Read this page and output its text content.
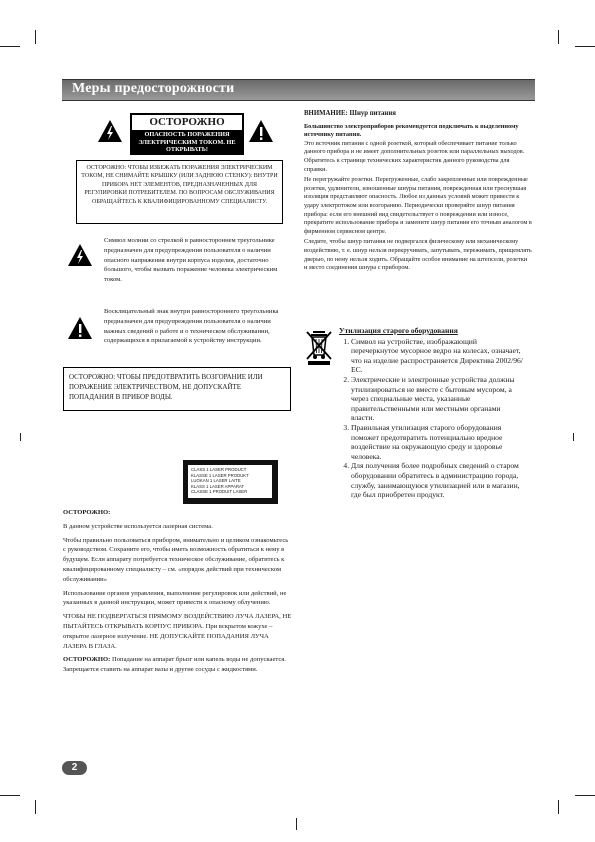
Меры предосторожности
ОСТОРОЖНО
ОПАСНОСТЬ ПОРАЖЕНИЯ ЭЛЕКТРИЧЕСКИМ ТОКОМ. НЕ ОТКРЫВАТЬ!

ОСТОРОЖНО: ЧТОБЫ ИЗБЕЖАТЬ ПОРАЖЕНИЯ ЭЛЕКТРИЧЕСКИМ ТОКОМ, НЕ СНИМАЙТЕ КРЫШКУ (ИЛИ ЗАДНЮЮ СТЕНКУ): ВНУТРИ ПРИБОРА НЕТ ЭЛЕМЕНТОВ, ПРЕДНАЗНАЧЕННЫХ ДЛЯ РЕГУЛИРОВКИ ПОТРЕБИТЕЛЕМ. ПО ВОПРОСАМ ОБСЛУЖИВАНИЯ ОБРАЩАЙТЕСЬ К КВАЛИФИЦИРОВАННОМУ СПЕЦИАЛИСТУ.

Символ молнии со стрелкой в равностороннем треугольнике предназначен для предупреждения пользователя о наличии опасного напряжения внутри корпуса изделия, достаточно большого, чтобы вызвать поражение человека электрическим током.

Восклицательный знак внутри равностороннего треугольника предназначен для предупреждения пользователя о наличии важных сведений о работе и о техническом обслуживании, содержащихся в прилагаемой к устройству инструкции.

ОСТОРОЖНО: ЧТОБЫ ПРЕДОТВРАТИТЬ ВОЗГОРАНИЕ ИЛИ ПОРАЖЕНИЕ ЭЛЕКТРИЧЕСТВОМ, НЕ ДОПУСКАЙТЕ ПОПАДАНИЯ В ПРИБОР ВОДЫ.

CLASS 1 LASER PRODUCT
KLASSE 1 LASER PRODUKT
LUOKAN 1 LASER LAITE
KLASS 1 LASER APPARAT
CLASSE 1 PRODUIT LASER

ОСТОРОЖНО:

В данном устройстве используется лазерная система.

Чтобы правильно пользоваться прибором, внимательно и целиком ознакомьтесь с руководством. Сохраните его, чтобы иметь возможность обратиться к нему в будущем. Если аппарату потребуется техническое обслуживание, обратитесь к квалифицированному специалисту – см. «порядок действий при техническом обслуживании»

Использование органов управления, выполнение регулировок или действий, не указанных в данной инструкции, может привести к опасному облучению.

ЧТОБЫ НЕ ПОДВЕРГАТЬСЯ ПРЯМОМУ ВОЗДЕЙСТВИЮ ЛУЧА ЛАЗЕРА, НЕ ПЫТАЙТЕСЬ ОТКРЫВАТЬ КОРПУС ПРИБОРА. При вскрытом кожухе – открытое лазерное излучение. НЕ ДОПУСКАЙТЕ ПОПАДАНИЯ ЛУЧА ЛАЗЕРА В ГЛАЗА.

ОСТОРОЖНО: Попадание на аппарат брызг или капель воды не допускается. Запрещается ставить на аппарат вазы и другие сосуды с жидкостями.

ВНИМАНИЕ: Шнур питания

Большинство электроприборов рекомендуется подключать к выделенному источнику питания.

Это источник питания с одной розеткой, который обеспечивает питание только данного прибора и не имеет дополнительных розеток или параллельных выходов. Обратитесь к странице технических характеристик данного руководства для справки.

Не перегружайте розетки. Перегруженные, слабо закрепленные или поврежденные розетки, удлинители, изношенные шнуры питания, поврежденная или треснувшая изоляция представляют опасность. Любое из данных условий может привести к удару электротоком или возгоранию. Периодически проверяйте шнур питания прибора: если его внешний вид свидетельствует о повреждении или износе, прекратите использование прибора и замените шнур питания его точным аналогом в фирменном сервисном центре.

Следите, чтобы шнур питания не подвергался физическому или механическому воздействию, т. е. шнур нельзя перекручивать, запутывать, пережимать, прищемлять дверью, по нему нельзя ходить. Обращайте особое внимание на штепсели, розетки и место соединения шнура с прибором.

Утилизация старого оборудования

1. Символ на устройстве, изображающий перечеркнутое мусорное ведро на колесах, означает, что на изделие распространяется Директива 2002/96/ЕС.
2. Электрические и электронные устройства должны утилизироваться не вместе с бытовым мусором, а через специальные места, указанные правительственными или местными органами власти.
3. Правильная утилизация старого оборудования поможет предотвратить потенциально вредное воздействие на окружающую среду и здоровье человека.
4. Для получения более подробных сведений о старом оборудовании обратитесь в администрацию города, службу, занимающуюся утилизацией или в магазин, где был приобретен продукт.
2
